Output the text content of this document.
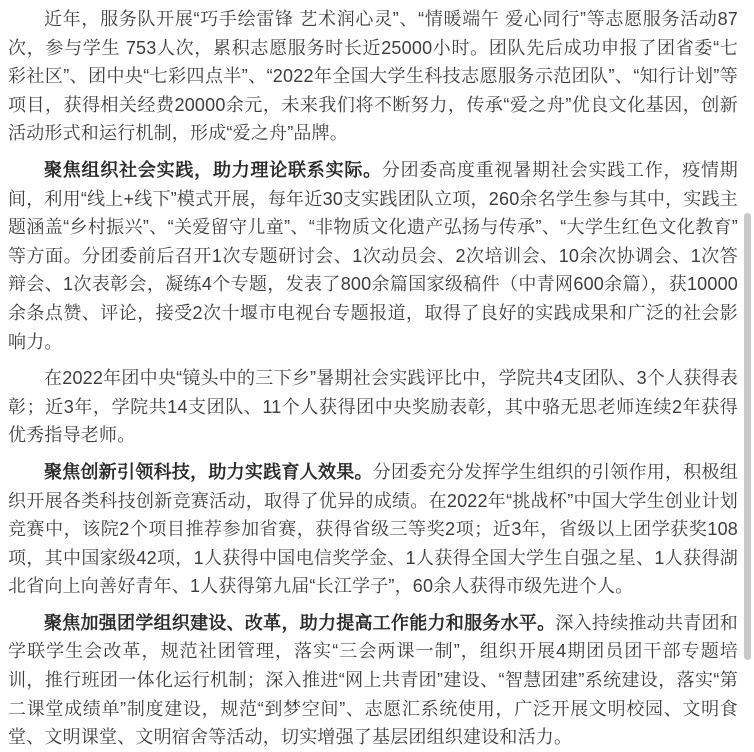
近年，服务队开展“巧手绘雷锋 艺术润心灵”、“情暖端午 爱心同行”等志愿服务活动87次，参与学生 753人次，累积志愿服务时长近25000小时。团队先后成功申报了团省委“七彩社区”、团中央“七彩四点半”、“2022年全国大学生科技志愿服务示范团队”、“知行计划”等项目，获得相关经费20000余元，未来我们将不断努力，传承“爱之舟”优良文化基因，创新活动形式和运行机制，形成“爱之舟”品牌。

聚焦组织社会实践，助力理论联系实际。分团委高度重视暑期社会实践工作，疫情期间，利用“线上+线下”模式开展，每年近30支实践团队立项，260余名学生参与其中，实践主题涵盖“乡村振兴”、“关爱留守儿童”、“非物质文化遗产弘扬与传承”、“大学生红色文化教育”等方面。分团委前后召开1次专题研讨会、1次动员会、2次培训会、10余次协调会、1次答辩会、1次表彰会，凝练4个专题，发表了800余篇国家级稿件（中青网600余篇），获10000余条点赞、评论，接受2次十堰市电视台专题报道，取得了良好的实践成果和广泛的社会影响力。

在2022年团中央“镜头中的三下乡”暑期社会实践评比中，学院共4支团队、3个人获得表彰；近3年，学院共14支团队、11个人获得团中央奖励表彰，其中骆无思老师连续2年获得优秀指导老师。

聚焦创新引领科技，助力实践育人效果。分团委充分发挥学生组织的引领作用，积极组织开展各类科技创新竞赛活动，取得了优异的成绩。在2022年“挑战杯”中国大学生创业计划竞赛中，该院2个项目推荐参加省赛，获得省级三等奖2项；近3年，省级以上团学获奖108项，其中国家级42项，1人获得中国电信奖学金、1人获得全国大学生自强之星、1人获得湖北省向上向善好青年、1人获得第九届“长江学子”，60余人获得市级先进个人。

聚焦加强团学组织建设、改革，助力提高工作能力和服务水平。深入持续推动共青团和学联学生会改革，规范社团管理，落实“三会两课一制”，组织开展4期团员团干部专题培训，推行班团一体化运行机制；深入推进“网上共青团”建设、“智慧团建”系统建设，落实“第二课堂成绩单”制度建设，规范“到梦空间”、志愿汇系统使用，广泛开展文明校园、文明食堂、文明课堂、文明宿舍等活动，切实增强了基层团组织建设和活力。
